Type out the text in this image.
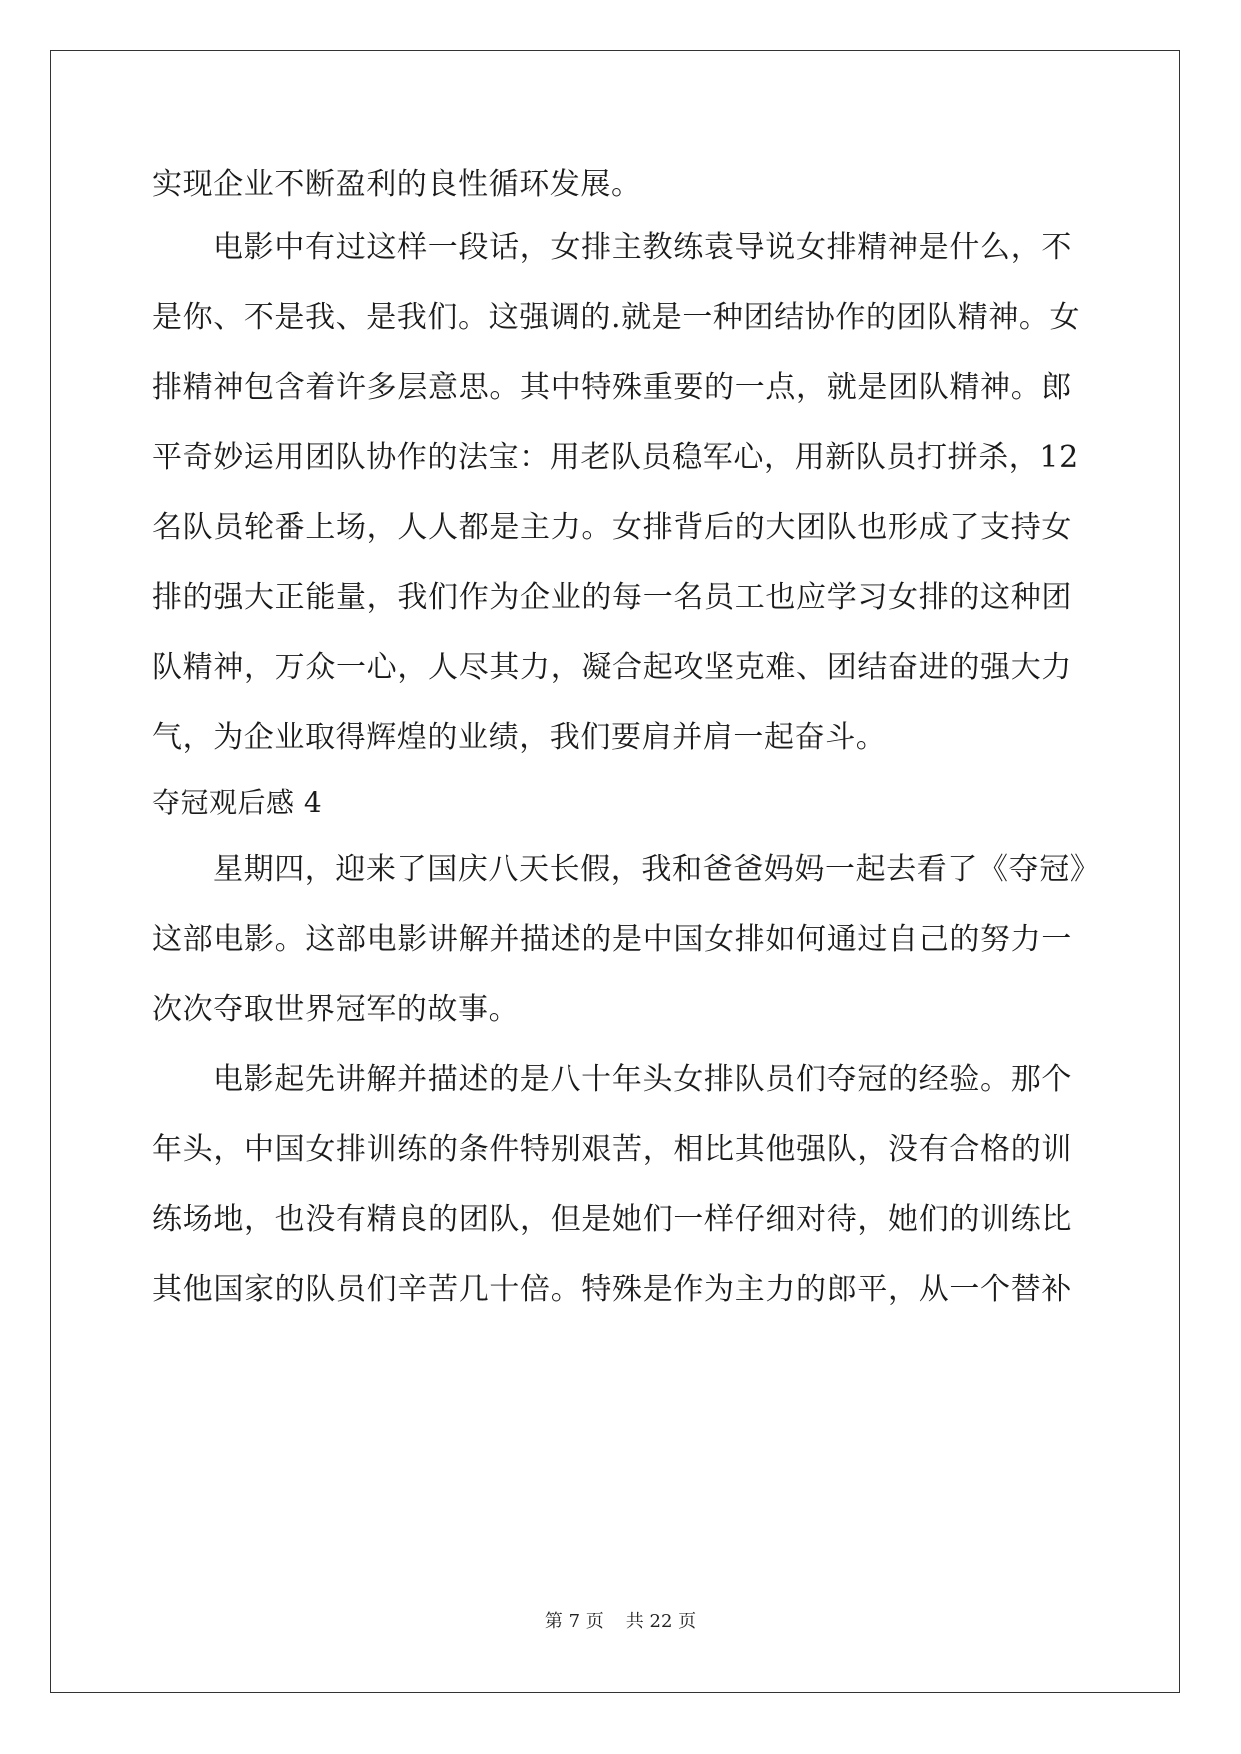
实现企业不断盈利的良性循环发展。
电影中有过这样一段话，女排主教练袁导说女排精神是什么，不
是你、不是我、是我们。这强调的.就是一种团结协作的团队精神。女
排精神包含着许多层意思。其中特殊重要的一点，就是团队精神。郎
平奇妙运用团队协作的法宝：用老队员稳军心，用新队员打拼杀，12
名队员轮番上场，人人都是主力。女排背后的大团队也形成了支持女
排的强大正能量，我们作为企业的每一名员工也应学习女排的这种团
队精神，万众一心，人尽其力，凝合起攻坚克难、团结奋进的强大力
气，为企业取得辉煌的业绩，我们要肩并肩一起奋斗。
夺冠观后感 4
星期四，迎来了国庆八天长假，我和爸爸妈妈一起去看了《夺冠》
这部电影。这部电影讲解并描述的是中国女排如何通过自己的努力一
次次夺取世界冠军的故事。
电影起先讲解并描述的是八十年头女排队员们夺冠的经验。那个
年头，中国女排训练的条件特别艰苦，相比其他强队，没有合格的训
练场地，也没有精良的团队，但是她们一样仔细对待，她们的训练比
其他国家的队员们辛苦几十倍。特殊是作为主力的郎平，从一个替补
第 7 页 共 22 页
